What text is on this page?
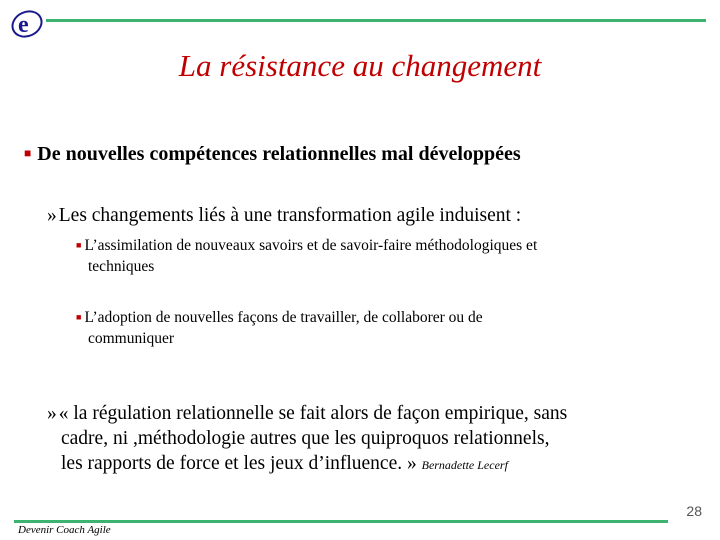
e
La résistance au changement
■ De nouvelles compétences relationnelles mal développées
» Les changements liés à une transformation agile induisent :
■ L’assimilation de nouveaux savoirs et de savoir-faire méthodologiques et
techniques
■ L’adoption de nouvelles façons de travailler, de collaborer ou de
communiquer
» « la régulation relationnelle se fait alors de façon empirique, sans
cadre, ni ,méthodologie autres que les quiproquos relationnels,
les rapports de force et les jeux d’influence. » Bernadette Lecerf
28
Devenir Coach Agile
